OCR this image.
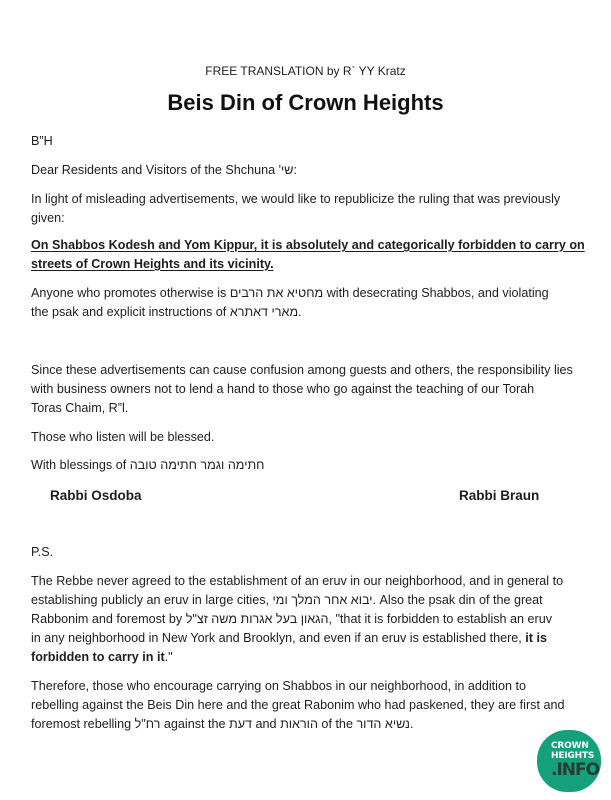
FREE TRANSLATION by R` YY Kratz
Beis Din of Crown Heights
B”H
Dear Residents and Visitors of the Shchuna שי':
In light of misleading advertisements, we would like to republicize the ruling that was previously
given:
On Shabbos Kodesh and Yom Kippur, it is absolutely and categorically forbidden to carry on
streets of Crown Heights and its vicinity.
Anyone who promotes otherwise is מחטיא את הרבים with desecrating Shabbos, and violating
the psak and explicit instructions of מארי דאתרא.
Since these advertisements can cause confusion among guests and others, the responsibility lies
with business owners not to lend a hand to those who go against the teaching of our Torah
Toras Chaim, R”l.
Those who listen will be blessed.
With blessings of חתימה וגמר חתימה טובה
Rabbi Osdoba	Rabbi Braun
P.S.
The Rebbe never agreed to the establishment of an eruv in our neighborhood, and in general to
establishing publicly an eruv in large cities, יבוא אחר המלך ומי. Also the psak din of the great
Rabbonim and foremost by הגאון בעל אגרות משה זצ"ל, "that it is forbidden to establish an eruv
in any neighborhood in New York and Brooklyn, and even if an eruv is established there, it is
forbidden to carry in it."
Therefore, those who encourage carrying on Shabbos in our neighborhood, in addition to
rebelling against the Beis Din here and the great Rabonim who had paskened, they are first and
foremost rebelling רח"ל against the דעת and הוראות of the נשיא הדור.
CROWN
HEIGHTS
.INFO
